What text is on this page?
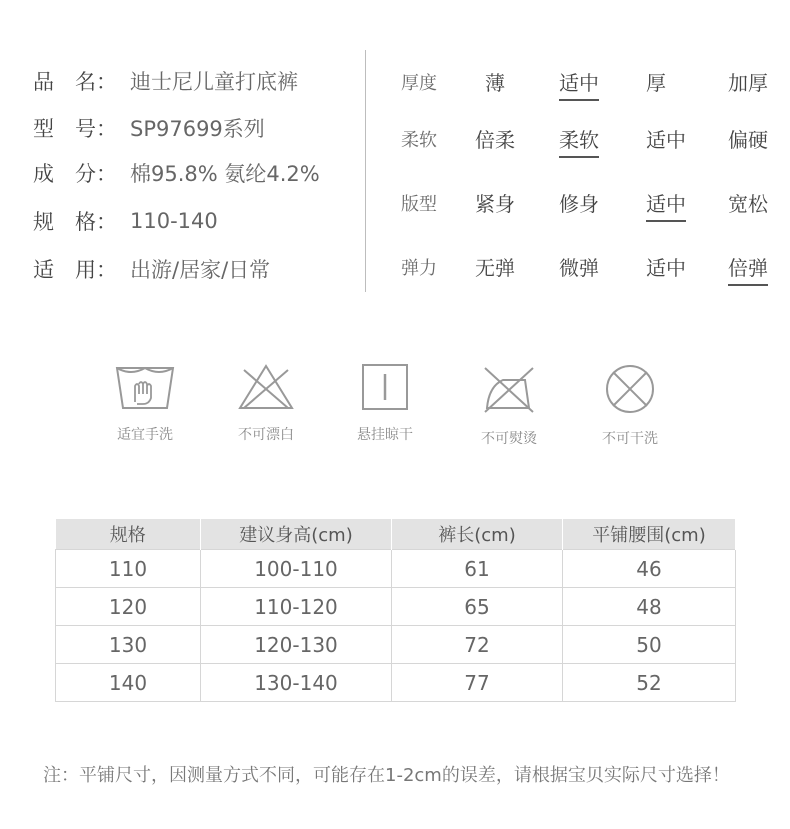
品　名： 迪士尼儿童打底裤
型　号： SP97699系列
成　分： 棉95.8% 氨纶4.2%
规　格： 110-140
适　用： 出游/居家/日常
厚度	薄	适中	厚	加厚
柔软	倍柔	柔软	适中	偏硬
版型	紧身	修身	适中	宽松
弹力	无弹	微弹	适中	倍弹
适宜手洗	不可漂白	悬挂晾干	不可熨烫	不可干洗
规格	建议身高(cm)	裤长(cm)	平铺腰围(cm)
110	100-110	61	46
120	110-120	65	48
130	120-130	72	50
140	130-140	77	52
注：平铺尺寸，因测量方式不同，可能存在1-2cm的误差，请根据宝贝实际尺寸选择！
